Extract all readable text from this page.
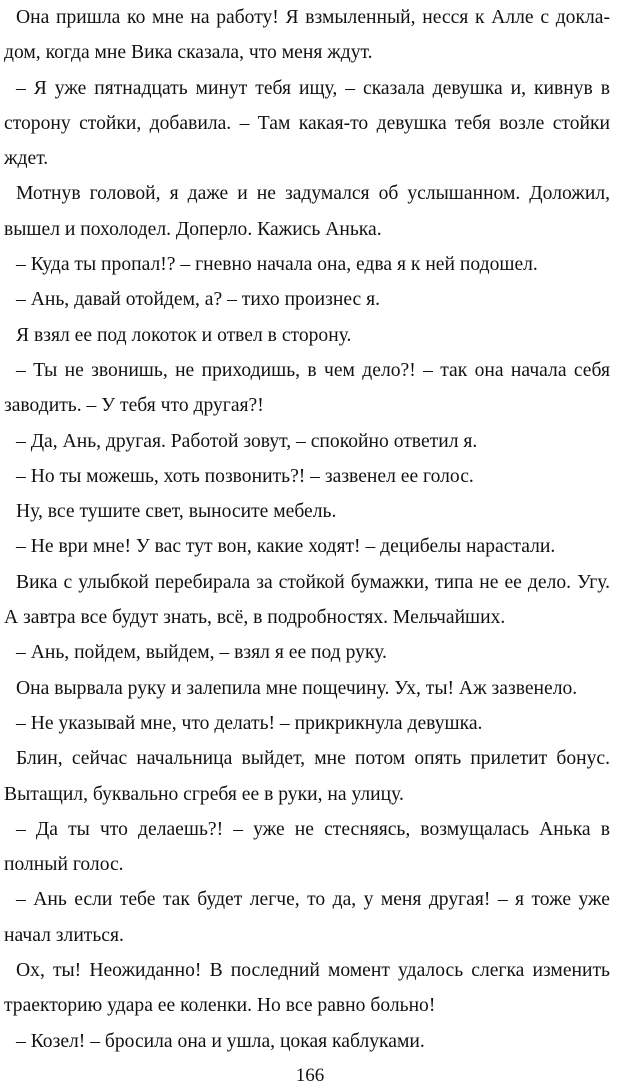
Она пришла ко мне на работу! Я взмыленный, несся к Алле с докладом, когда мне Вика сказала, что меня ждут.

– Я уже пятнадцать минут тебя ищу, – сказала девушка и, кивнув в сторону стойки, добавила. – Там какая-то девушка тебя возле стойки ждет.

Мотнув головой, я даже и не задумался об услышанном. Доложил, вышел и похолодел. Доперло. Кажись Анька.

– Куда ты пропал!? – гневно начала она, едва я к ней подошел.

– Ань, давай отойдем, а? – тихо произнес я.

Я взял ее под локоток и отвел в сторону.

– Ты не звонишь, не приходишь, в чем дело?! – так она начала себя заводить. – У тебя что другая?!

– Да, Ань, другая. Работой зовут, – спокойно ответил я.

– Но ты можешь, хоть позвонить?! – зазвенел ее голос.

Ну, все тушите свет, выносите мебель.

– Не ври мне! У вас тут вон, какие ходят! – децибелы нарастали.

Вика с улыбкой перебирала за стойкой бумажки, типа не ее дело. Угу. А завтра все будут знать, всё, в подробностях. Мельчайших.

– Ань, пойдем, выйдем, – взял я ее под руку.

Она вырвала руку и залепила мне пощечину. Ух, ты! Аж зазвенело.

– Не указывай мне, что делать! – прикрикнула девушка.

Блин, сейчас начальница выйдет, мне потом опять прилетит бонус. Вытащил, буквально сгребя ее в руки, на улицу.

– Да ты что делаешь?! – уже не стесняясь, возмущалась Анька в полный голос.

– Ань если тебе так будет легче, то да, у меня другая! – я тоже уже начал злиться.

Ох, ты! Неожиданно! В последний момент удалось слегка изменить траекторию удара ее коленки. Но все равно больно!

– Козел! – бросила она и ушла, цокая каблуками.

166
